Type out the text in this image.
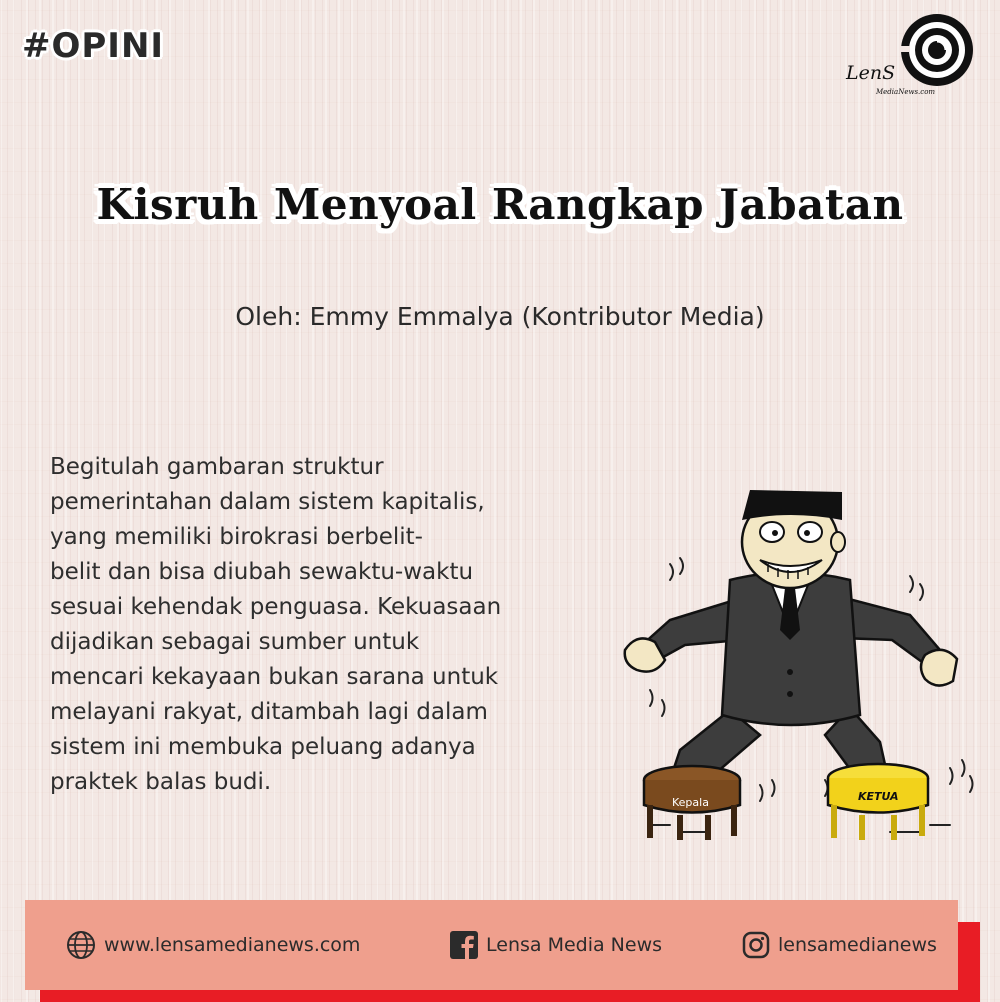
#OPINI
LenS
MediaNews.com
Kisruh Menyoal Rangkap Jabatan
Oleh: Emmy Emmalya (Kontributor Media)
Begitulah gambaran struktur
pemerintahan dalam sistem kapitalis,
yang memiliki birokrasi berbelit-
belit dan bisa diubah sewaktu-waktu
sesuai kehendak penguasa. Kekuasaan
dijadikan sebagai sumber untuk
mencari kekayaan bukan sarana untuk
melayani rakyat, ditambah lagi dalam
sistem ini membuka peluang adanya
praktek balas budi.
Kepala	KETUA
www.lensamedianews.com	Lensa Media News	lensamedianews
